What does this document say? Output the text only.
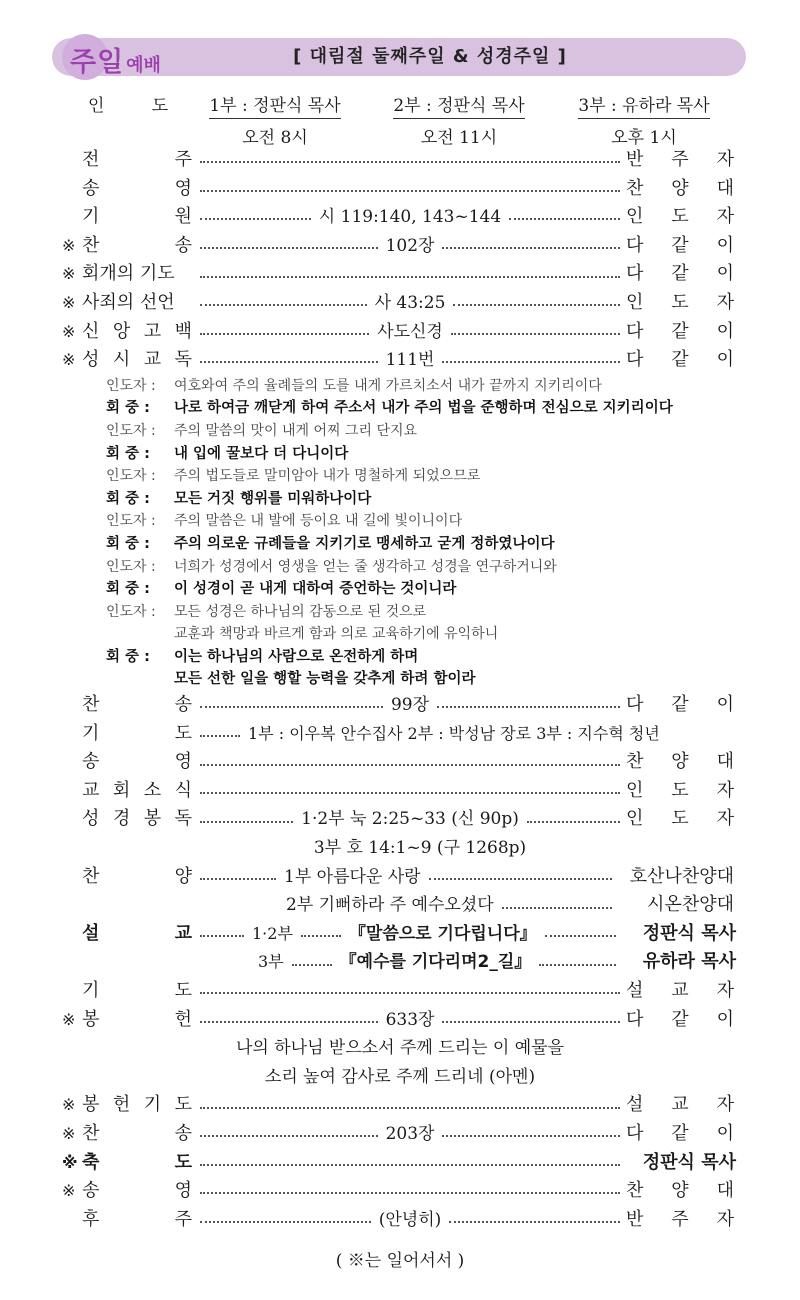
주일 예배	[ 대림절 둘째주일 & 성경주일 ]
인	도	1부 : 정판식 목사
오전 8시
2부 : 정판식 목사
오전 11시
3부 : 유하라 목사
오후 1시
전	주	반 주 자
송	영	찬 양 대
기	원	시 119:140, 143~144	인 도 자
※ 찬	송	102장	다 같 이
※ 회개의 기도	다 같 이
※ 사죄의 선언	사 43:25	인 도 자
※ 신 앙 고 백	사도신경	다 같 이
※ 성 시 교 독	111번	다 같 이
인도자 :	여호와여 주의 율례들의 도를 내게 가르치소서 내가 끝까지 지키리이다
회 중 :	나로 하여금 깨닫게 하여 주소서 내가 주의 법을 준행하며 전심으로 지키리이다
인도자 :	주의 말씀의 맛이 내게 어찌 그리 단지요
회 중 :	내 입에 꿀보다 더 다니이다
인도자 :	주의 법도들로 말미암아 내가 명철하게 되었으므로
회 중 :	모든 거짓 행위를 미워하나이다
인도자 :	주의 말씀은 내 발에 등이요 내 길에 빛이니이다
회 중 :	주의 의로운 규례들을 지키기로 맹세하고 굳게 정하였나이다
인도자 :	너희가 성경에서 영생을 얻는 줄 생각하고 성경을 연구하거니와
회 중 :	이 성경이 곧 내게 대하여 증언하는 것이니라
인도자 :	모든 성경은 하나님의 감동으로 된 것으로
교훈과 책망과 바르게 함과 의로 교육하기에 유익하니
회 중 :	이는 하나님의 사람으로 온전하게 하며
모든 선한 일을 행할 능력을 갖추게 하려 함이라
찬	송	99장	다 같 이
기	도	1부 : 이우복 안수집사 2부 : 박성남 장로 3부 : 지수혁 청년
송	영	찬 양 대
교 회 소 식	인 도 자
성 경 봉 독	1·2부 눅 2:25~33 (신 90p)	인 도 자
3부 호 14:1~9 (구 1268p)
찬	양	1부 아름다운 사랑	호산나찬양대
2부 기뻐하라 주 예수오셨다	시온찬양대
설	교	1·2부	『말씀으로 기다립니다』	정판식 목사
3부	『예수를 기다리며2_길』	유하라 목사
기	도	설 교 자
※ 봉	헌	633장	다 같 이
나의 하나님 받으소서 주께 드리는 이 예물을
소리 높여 감사로 주께 드리네 (아멘)
※ 봉 헌 기 도	설 교 자
※ 찬	송	203장	다 같 이
※ 축	도	정판식 목사
※ 송	영	찬 양 대
후	주	(안녕히)	반 주 자
( ※는 일어서서 )
